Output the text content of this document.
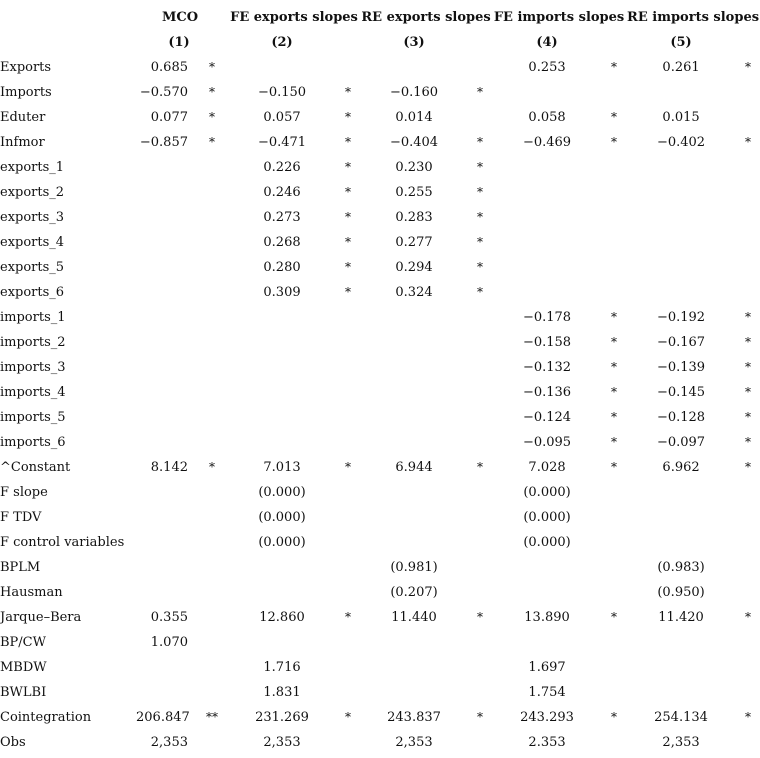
	MCO		FE exports slopes		RE exports slopes		FE imports slopes		RE imports slopes	
	(1)		(2)		(3)		(4)		(5)	
Exports	0.685	*					0.253	*	0.261	*
Imports	−0.570	*	−0.150	*	−0.160	*				
Eduter	0.077	*	0.057	*	0.014		0.058	*	0.015	
Infmor	−0.857	*	−0.471	*	−0.404	*	−0.469	*	−0.402	*
exports_1			0.226	*	0.230	*				
exports_2			0.246	*	0.255	*				
exports_3			0.273	*	0.283	*				
exports_4			0.268	*	0.277	*				
exports_5			0.280	*	0.294	*				
exports_6			0.309	*	0.324	*				
imports_1							−0.178	*	−0.192	*
imports_2							−0.158	*	−0.167	*
imports_3							−0.132	*	−0.139	*
imports_4							−0.136	*	−0.145	*
imports_5							−0.124	*	−0.128	*
imports_6							−0.095	*	−0.097	*
^Constant	8.142	*	7.013	*	6.944	*	7.028	*	6.962	*
F slope			(0.000)				(0.000)			
F TDV			(0.000)				(0.000)			
F control variables			(0.000)				(0.000)			
BPLM					(0.981)				(0.983)	
Hausman					(0.207)				(0.950)	
Jarque–Bera	0.355		12.860	*	11.440	*	13.890	*	11.420	*
BP/CW	1.070									
MBDW			1.716				1.697			
BWLBI			1.831				1.754			
Cointegration	206.847	**	231.269	*	243.837	*	243.293	*	254.134	*
Obs	2,353		2,353		2,353		2.353		2,353	
